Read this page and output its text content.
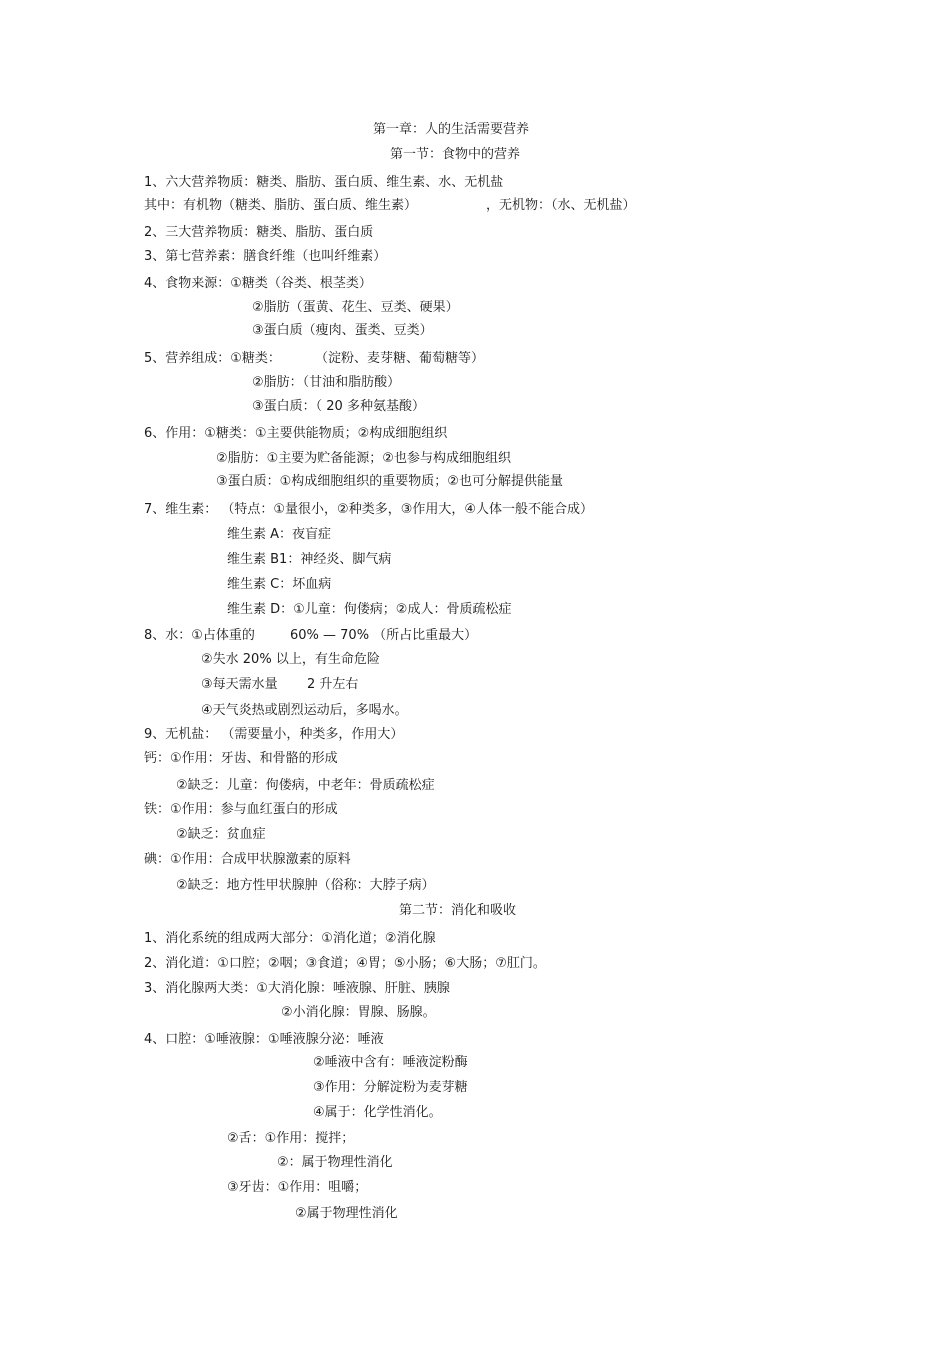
第一章：人的生活需要营养
第一节：食物中的营养
1、六大营养物质：糖类、脂肪、蛋白质、维生素、水、无机盐
其中：有机物（糖类、脂肪、蛋白质、维生素）	，无机物：（水、无机盐）
2、三大营养物质：糖类、脂肪、蛋白质
3、第七营养素：膳食纤维（也叫纤维素）
4、食物来源：①糖类（谷类、根茎类）
②脂肪（蛋黄、花生、豆类、硬果）
③蛋白质（瘦肉、蛋类、豆类）
5、营养组成：①糖类：	（淀粉、麦芽糖、葡萄糖等）
②脂肪：（甘油和脂肪酸）
③蛋白质：（ 20 多种氨基酸）
6、作用：①糖类：①主要供能物质；②构成细胞组织
②脂肪：①主要为贮备能源；②也参与构成细胞组织
③蛋白质：①构成细胞组织的重要物质；②也可分解提供能量
7、维生素： （特点：①量很小，②种类多，③作用大，④人体一般不能合成）
维生素 A：夜盲症
维生素 B1：神经炎、脚气病
维生素 C：坏血病
维生素 D：①儿童：佝偻病；②成人：骨质疏松症
8、水：①占体重的	60% — 70% （所占比重最大）
②失水 20% 以上，有生命危险
③每天需水量 2 升左右
④天气炎热或剧烈运动后，多喝水。
9、无机盐： （需要量小，种类多，作用大）
钙：①作用：牙齿、和骨骼的形成
②缺乏：儿童：佝偻病，中老年：骨质疏松症
铁：①作用：参与血红蛋白的形成
②缺乏：贫血症
碘：①作用：合成甲状腺激素的原料
②缺乏：地方性甲状腺肿（俗称：大脖子病）
第二节：消化和吸收
1、消化系统的组成两大部分：①消化道；②消化腺
2、消化道：①口腔；②咽；③食道；④胃；⑤小肠；⑥大肠；⑦肛门。
3、消化腺两大类：①大消化腺：唾液腺、肝脏、胰腺
②小消化腺：胃腺、肠腺。
4、口腔：①唾液腺：①唾液腺分泌：唾液
②唾液中含有：唾液淀粉酶
③作用：分解淀粉为麦芽糖
④属于：化学性消化。
②舌：①作用：搅拌；
②：属于物理性消化
③牙齿：①作用：咀嚼；
②属于物理性消化
